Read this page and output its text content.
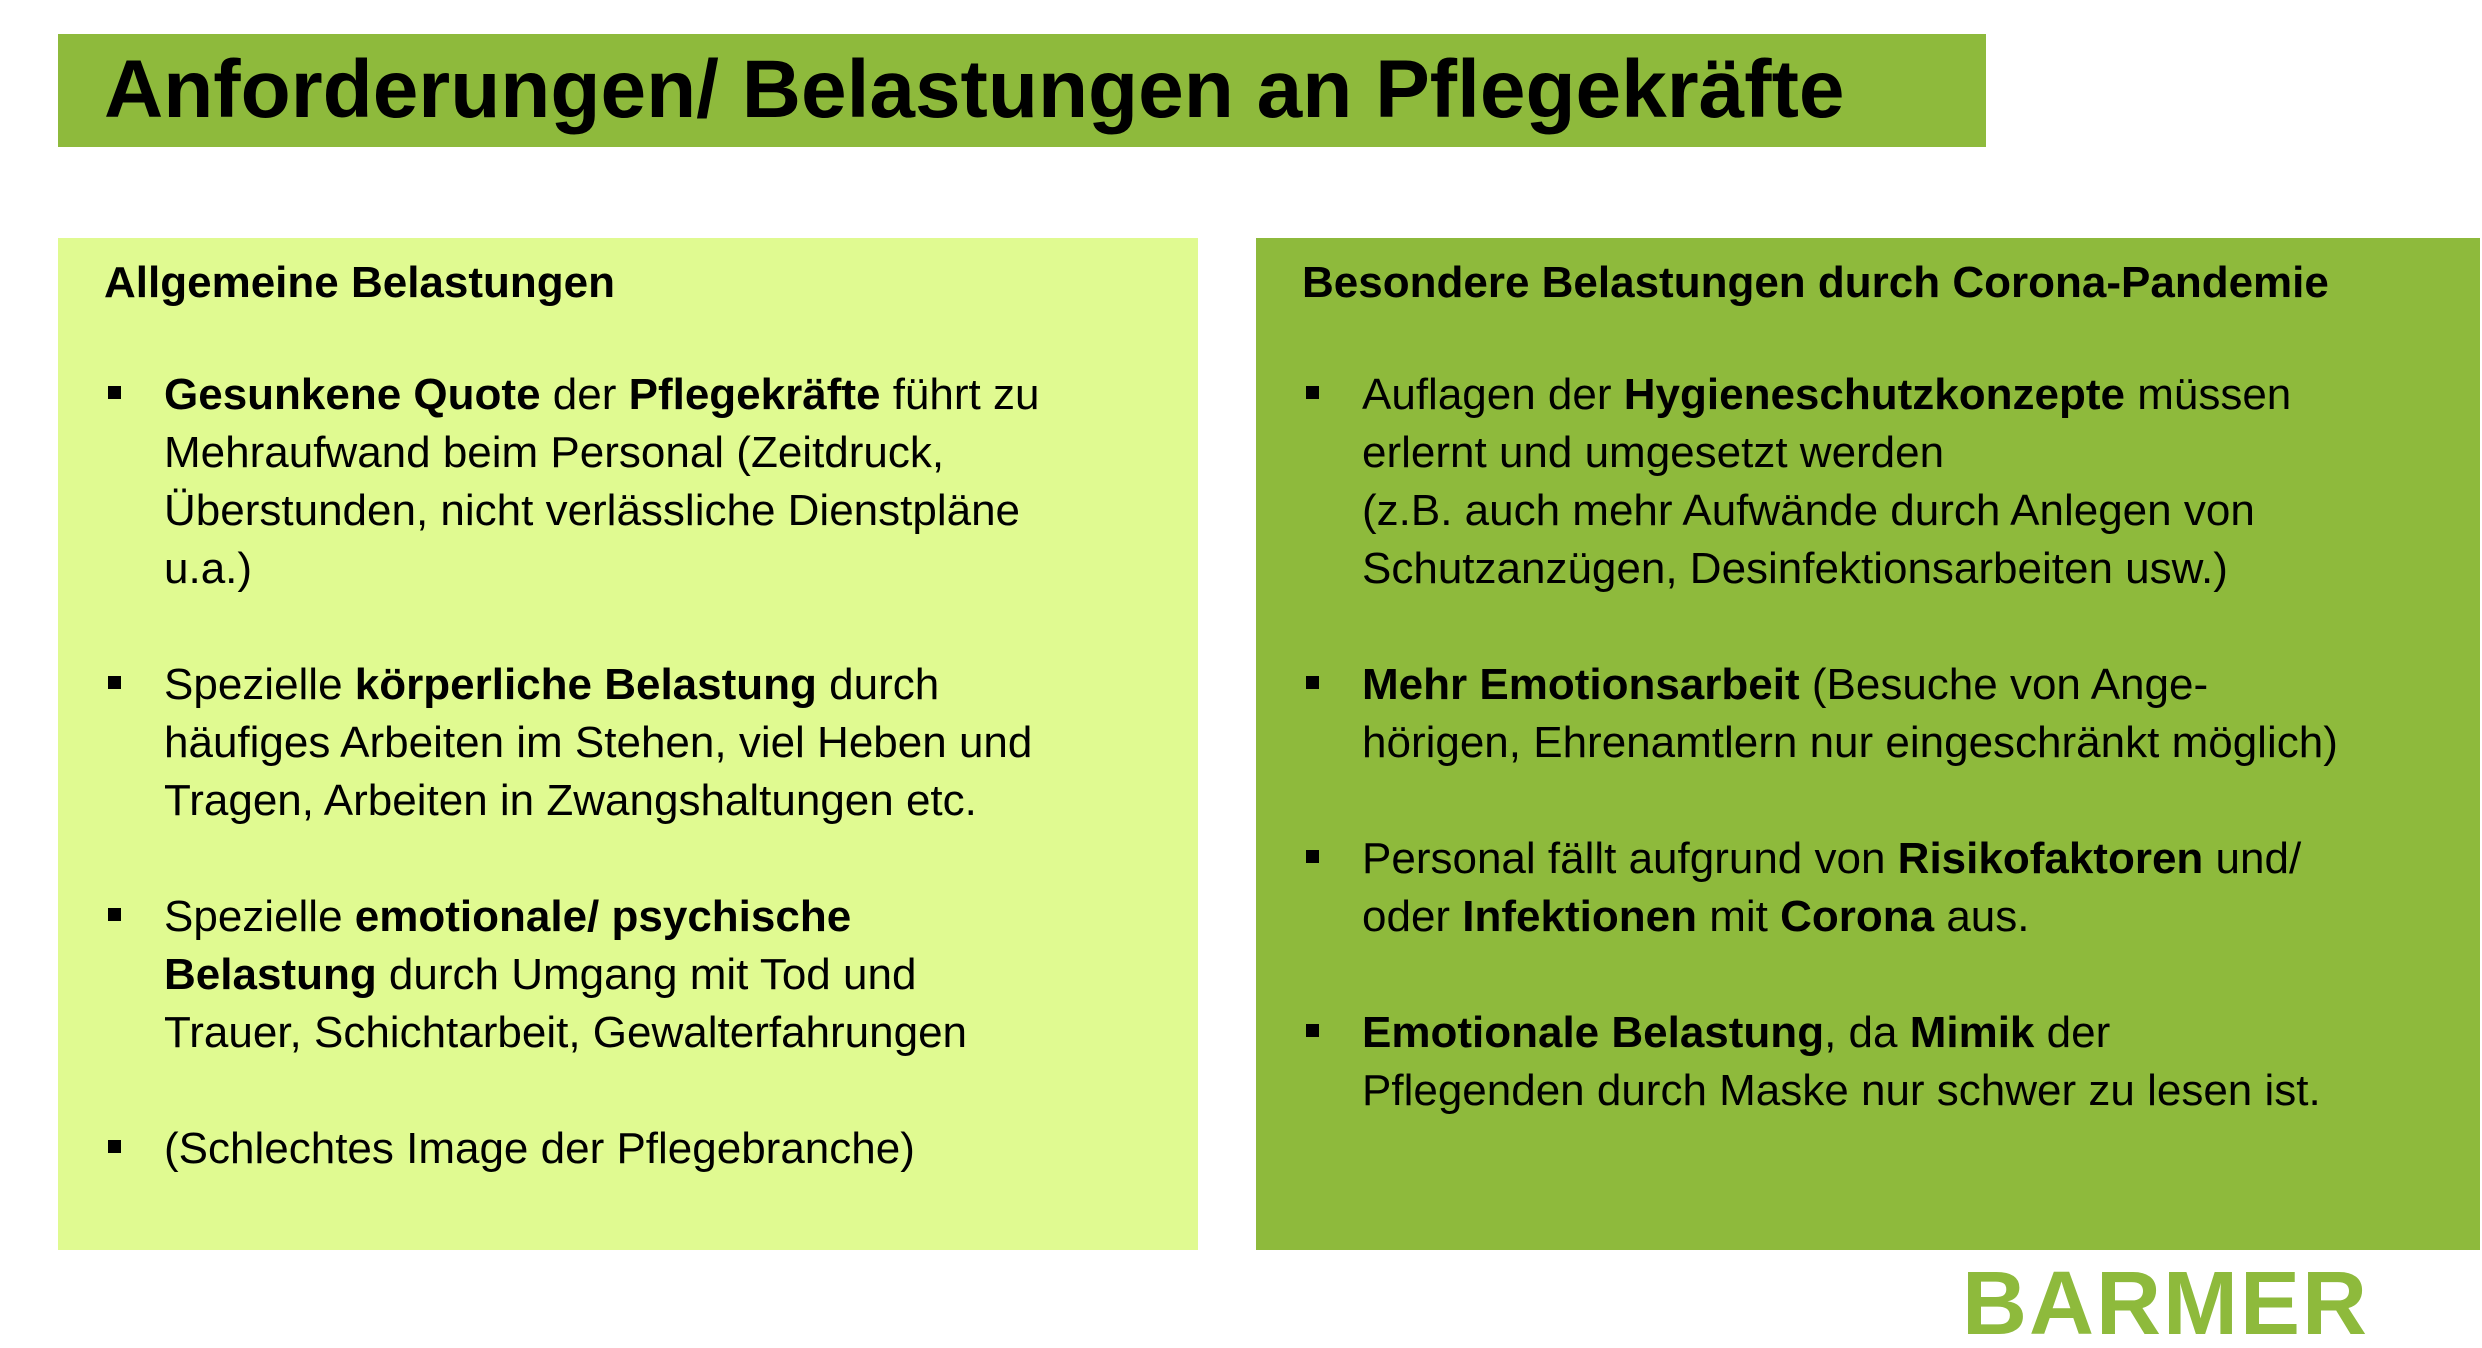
Anforderungen/ Belastungen an Pflegekräfte
Allgemeine Belastungen
Gesunkene Quote der Pflegekräfte führt zu
Mehraufwand beim Personal (Zeitdruck,
Überstunden, nicht verlässliche Dienstpläne
u.a.)
Spezielle körperliche Belastung durch
häufiges Arbeiten im Stehen, viel Heben und
Tragen, Arbeiten in Zwangshaltungen etc.
Spezielle emotionale/ psychische
Belastung durch Umgang mit Tod und
Trauer, Schichtarbeit, Gewalterfahrungen
(Schlechtes Image der Pflegebranche)
Besondere Belastungen durch Corona-Pandemie
Auflagen der Hygieneschutzkonzepte müssen
erlernt und umgesetzt werden
(z.B. auch mehr Aufwände durch Anlegen von
Schutzanzügen, Desinfektionsarbeiten usw.)
Mehr Emotionsarbeit (Besuche von Ange-
hörigen, Ehrenamtlern nur eingeschränkt möglich)
Personal fällt aufgrund von Risikofaktoren und/
oder Infektionen mit Corona aus.
Emotionale Belastung, da Mimik der
Pflegenden durch Maske nur schwer zu lesen ist.
BARMER
